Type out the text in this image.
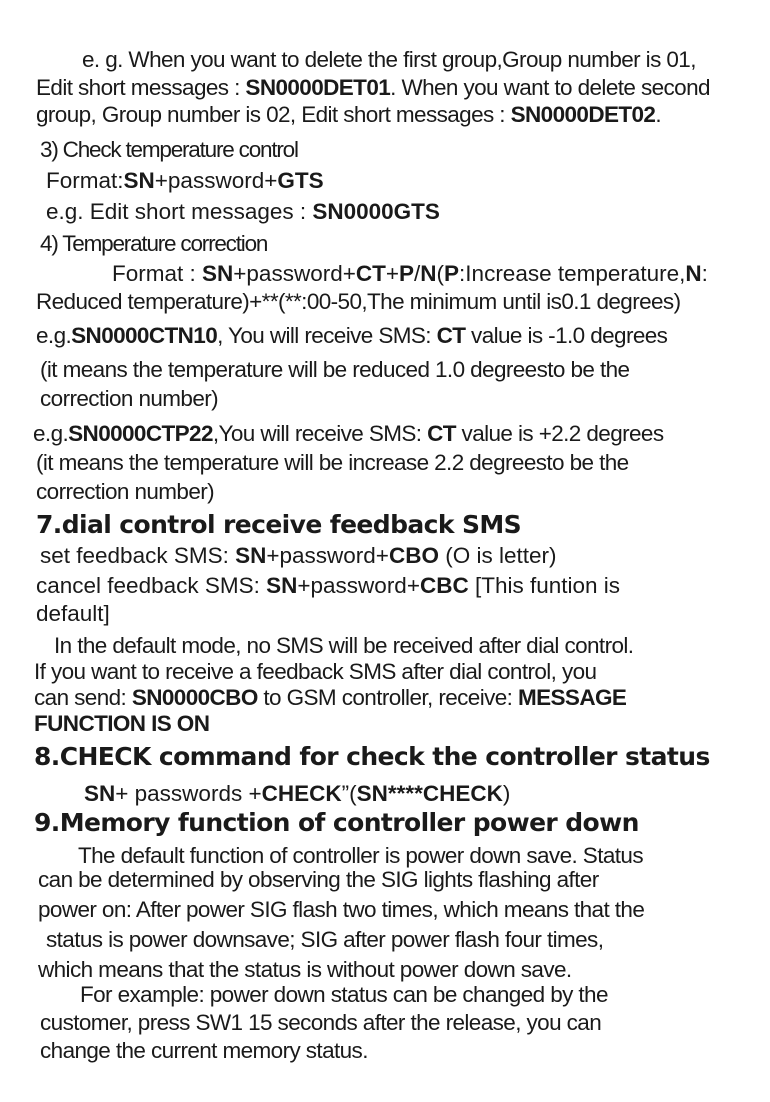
e. g. When you want to delete the first group,Group number is 01,
Edit short messages : SN0000DET01. When you want to delete second
group, Group number is 02, Edit short messages : SN0000DET02.
3) Check temperature control
Format:SN+password+GTS
e.g. Edit short messages : SN0000GTS
4) Temperature correction
Format : SN+password+CT+P/N(P:Increase temperature,N:
Reduced temperature)+**(**:00-50,The minimum until is0.1 degrees)
e.g.SN0000CTN10, You will receive SMS: CT value is -1.0 degrees
(it means the temperature will be reduced 1.0 degreesto be the
correction number)
e.g.SN0000CTP22,You will receive SMS: CT value is +2.2 degrees
(it means the temperature will be increase 2.2 degreesto be the
correction number)
7.dial control receive feedback SMS
set feedback SMS: SN+password+CBO (O is letter)
cancel feedback SMS: SN+password+CBC [This funtion is
default]
In the default mode, no SMS will be received after dial control.
If you want to receive a feedback SMS after dial control, you
can send: SN0000CBO to GSM controller, receive: MESSAGE
FUNCTION IS ON
8.CHECK command for check the controller status
SN+ passwords +CHECK”(SN****CHECK)
9.Memory function of controller power down
The default function of controller is power down save. Status
can be determined by observing the SIG lights flashing after
power on: After power SIG flash two times, which means that the
status is power downsave; SIG after power flash four times,
which means that the status is without power down save.
For example: power down status can be changed by the
customer, press SW1 15 seconds after the release, you can
change the current memory status.
